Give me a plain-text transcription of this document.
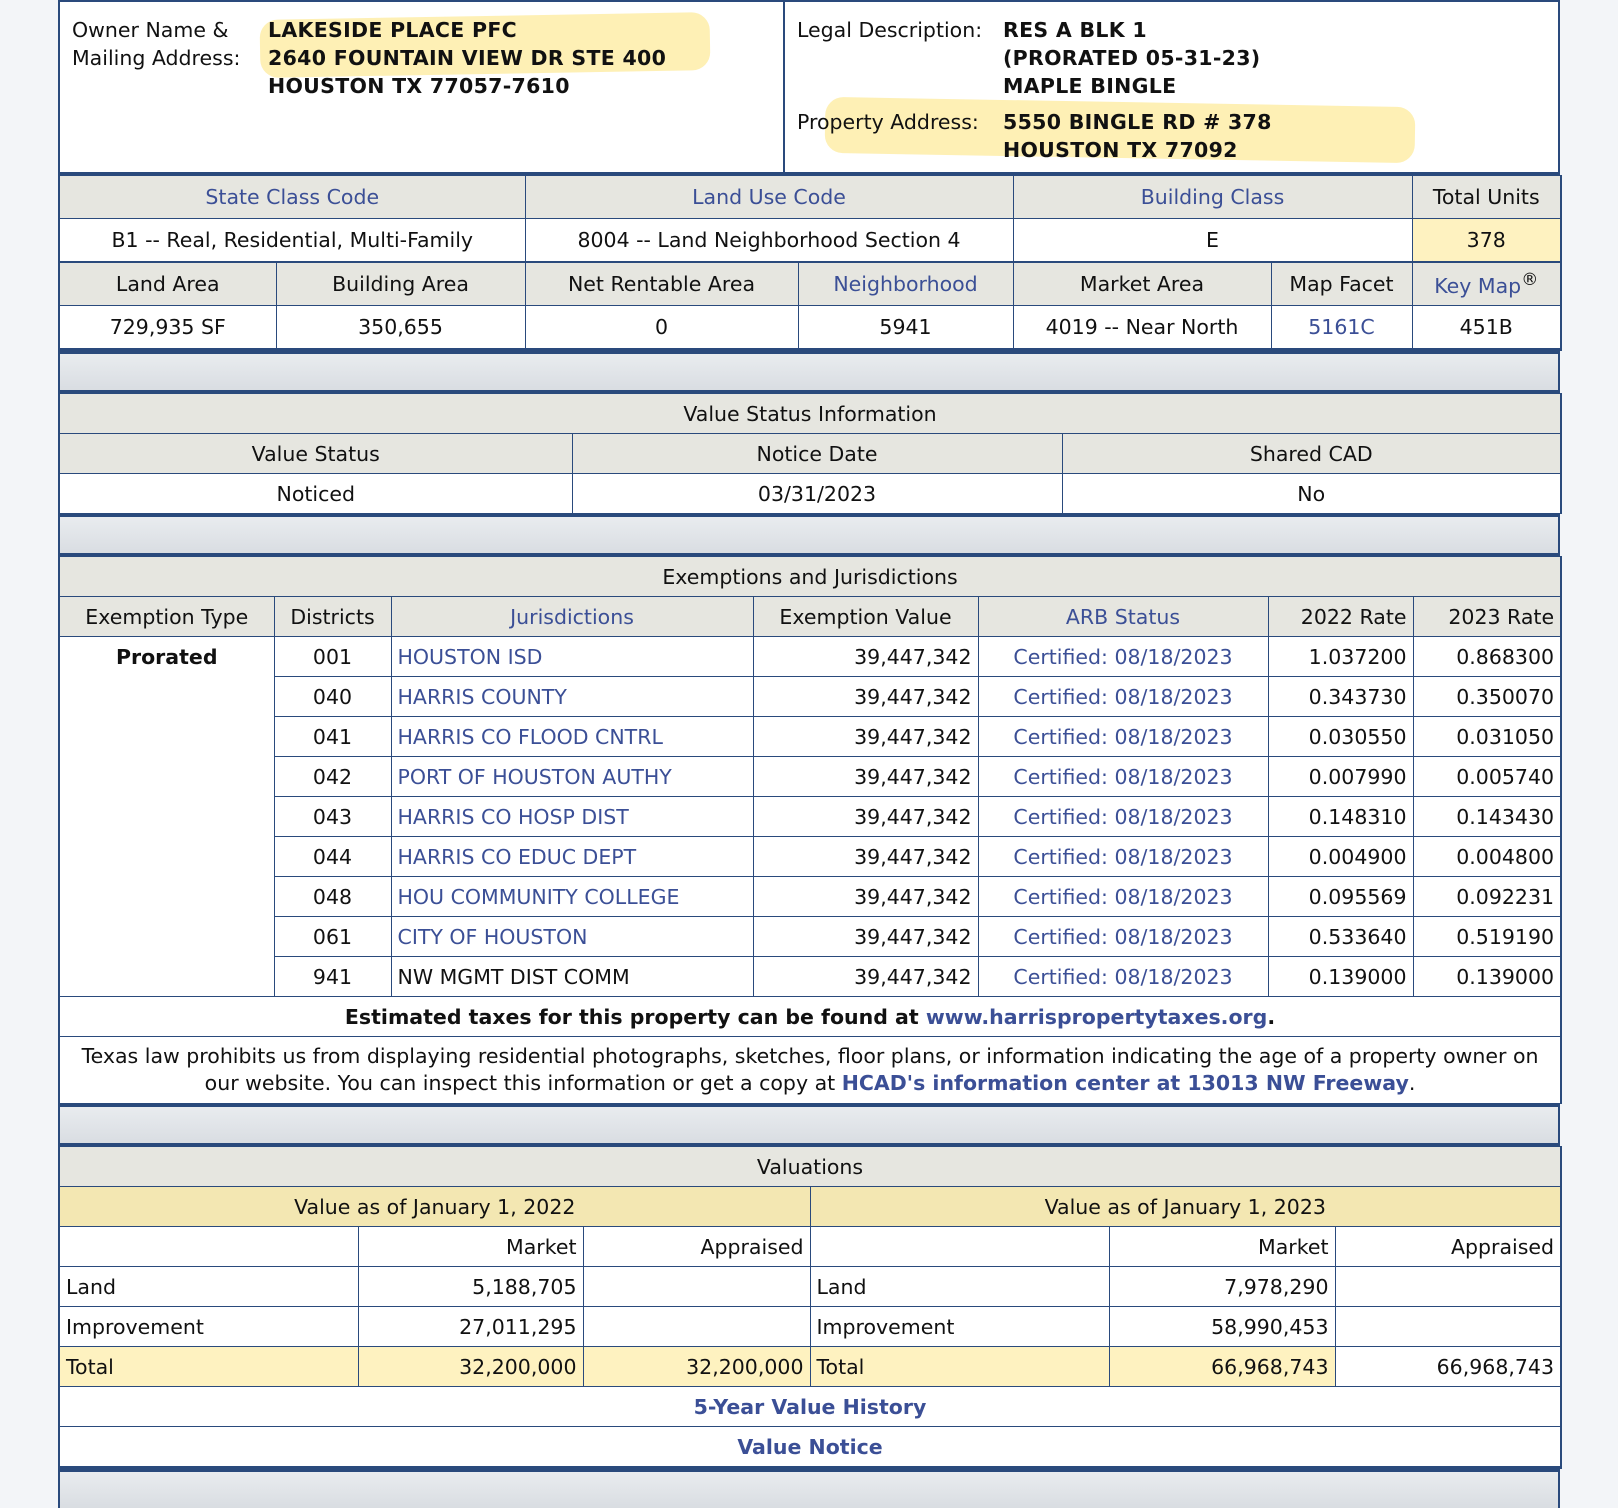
Owner Name &
Mailing Address:
LAKESIDE PLACE PFC
2640 FOUNTAIN VIEW DR STE 400
HOUSTON TX 77057-7610
Legal Description: RES A BLK 1
(PRORATED 05-31-23)
MAPLE BINGLE
Property Address: 5550 BINGLE RD # 378
HOUSTON TX 77092
State Class Code	Land Use Code	Building Class	Total Units
B1 -- Real, Residential, Multi-Family	8004 -- Land Neighborhood Section 4	E	378
Land Area	Building Area	Net Rentable Area	Neighborhood	Market Area	Map Facet	Key Map®
729,935 SF	350,655	0	5941	4019 -- Near North	5161C	451B
Value Status Information		
Value Status	Notice Date	Shared CAD
Noticed	03/31/2023	No
Exemptions and Jurisdictions						
Exemption Type	Districts	Jurisdictions	Exemption Value	ARB Status	2022 Rate	2023 Rate
Prorated	001	HOUSTON ISD	39,447,342	Certified: 08/18/2023	1.037200	0.868300
	040	HARRIS COUNTY	39,447,342	Certified: 08/18/2023	0.343730	0.350070
	041	HARRIS CO FLOOD CNTRL	39,447,342	Certified: 08/18/2023	0.030550	0.031050
	042	PORT OF HOUSTON AUTHY	39,447,342	Certified: 08/18/2023	0.007990	0.005740
	043	HARRIS CO HOSP DIST	39,447,342	Certified: 08/18/2023	0.148310	0.143430
	044	HARRIS CO EDUC DEPT	39,447,342	Certified: 08/18/2023	0.004900	0.004800
	048	HOU COMMUNITY COLLEGE	39,447,342	Certified: 08/18/2023	0.095569	0.092231
	061	CITY OF HOUSTON	39,447,342	Certified: 08/18/2023	0.533640	0.519190
	941	NW MGMT DIST COMM	39,447,342	Certified: 08/18/2023	0.139000	0.139000
Estimated taxes for this property can be found at www.harrispropertytaxes.org.						
Texas law prohibits us from displaying residential photographs, sketches, floor plans, or information indicating the age of a property owner on
our website. You can inspect this information or get a copy at HCAD's information center at 13013 NW Freeway.						
Valuations					
Value as of January 1, 2022			Value as of January 1, 2023		
	Market	Appraised		Market	Appraised
Land	5,188,705		Land	7,978,290	
Improvement	27,011,295		Improvement	58,990,453	
Total	32,200,000	32,200,000	Total	66,968,743	66,968,743
5-Year Value History					
Value Notice					
